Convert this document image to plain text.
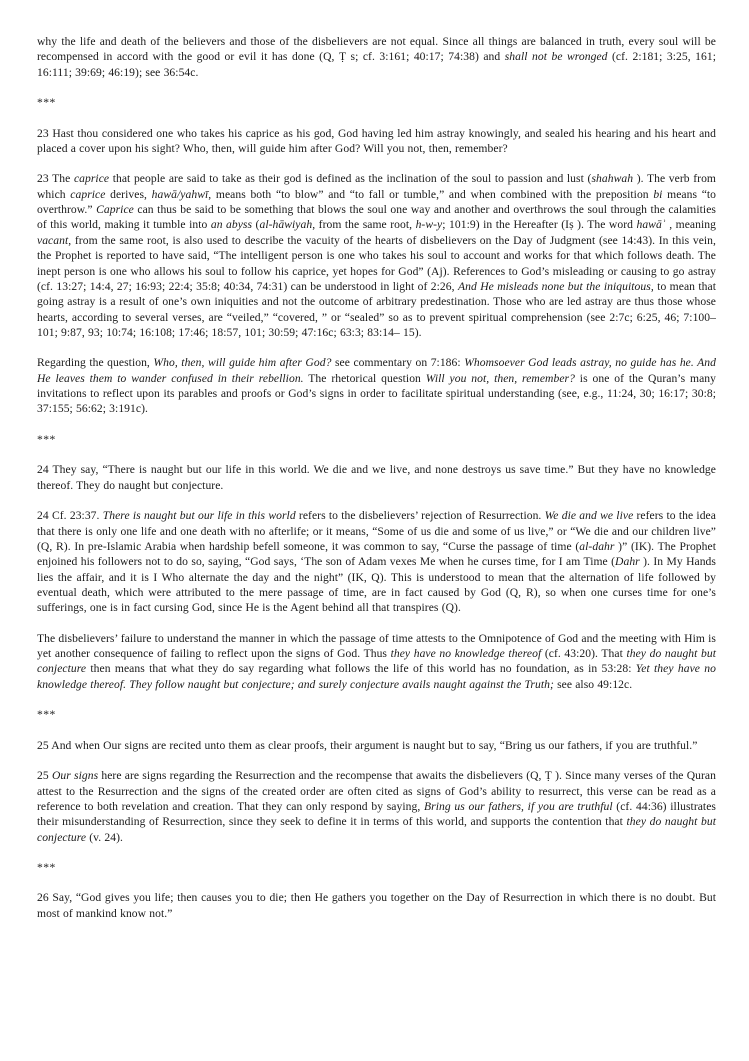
why the life and death of the believers and those of the disbelievers are not equal. Since all things are balanced in truth, every soul will be recompensed in accord with the good or evil it has done (Q, Ṭ s; cf. 3:161; 40:17; 74:38) and shall not be wronged (cf. 2:181; 3:25, 161; 16:111; 39:69; 46:19); see 36:54c.

***

23 Hast thou considered one who takes his caprice as his god, God having led him astray knowingly, and sealed his hearing and his heart and placed a cover upon his sight? Who, then, will guide him after God? Will you not, then, remember?

23 The caprice that people are said to take as their god is defined as the inclination of the soul to passion and lust (shahwah ). The verb from which caprice derives, hawā/yahwī, means both “to blow” and “to fall or tumble,” and when combined with the preposition bi means “to overthrow.” Caprice can thus be said to be something that blows the soul one way and another and overthrows the soul through the calamities of this world, making it tumble into an abyss (al-hāwiyah, from the same root, h-w-y; 101:9) in the Hereafter (Iṣ ). The word hawāʾ , meaning vacant, from the same root, is also used to describe the vacuity of the hearts of disbelievers on the Day of Judgment (see 14:43). In this vein, the Prophet is reported to have said, “The intelligent person is one who takes his soul to account and works for that which follows death. The inept person is one who allows his soul to follow his caprice, yet hopes for God” (Aj). References to God’s misleading or causing to go astray (cf. 13:27; 14:4, 27; 16:93; 22:4; 35:8; 40:34, 74:31) can be understood in light of 2:26, And He misleads none but the iniquitous, to mean that going astray is a result of one’s own iniquities and not the outcome of arbitrary predestination. Those who are led astray are thus those whose hearts, according to several verses, are “veiled,” “covered, ” or “sealed” so as to prevent spiritual comprehension (see 2:7c; 6:25, 46; 7:100– 101; 9:87, 93; 10:74; 16:108; 17:46; 18:57, 101; 30:59; 47:16c; 63:3; 83:14– 15).

Regarding the question, Who, then, will guide him after God? see commentary on 7:186: Whomsoever God leads astray, no guide has he. And He leaves them to wander confused in their rebellion. The rhetorical question Will you not, then, remember? is one of the Quran’s many invitations to reflect upon its parables and proofs or God’s signs in order to facilitate spiritual understanding (see, e.g., 11:24, 30; 16:17; 30:8; 37:155; 56:62; 3:191c).

***

24 They say, “There is naught but our life in this world. We die and we live, and none destroys us save time.” But they have no knowledge thereof. They do naught but conjecture.

24 Cf. 23:37. There is naught but our life in this world refers to the disbelievers’ rejection of Resurrection. We die and we live refers to the idea that there is only one life and one death with no afterlife; or it means, “Some of us die and some of us live,” or “We die and our children live” (Q, R). In pre-Islamic Arabia when hardship befell someone, it was common to say, “Curse the passage of time (al-dahr )” (IK). The Prophet enjoined his followers not to do so, saying, “God says, ‘The son of Adam vexes Me when he curses time, for I am Time (Dahr ). In My Hands lies the affair, and it is I Who alternate the day and the night” (IK, Q). This is understood to mean that the alternation of life followed by eventual death, which were attributed to the mere passage of time, are in fact caused by God (Q, R), so when one curses time for one’s sufferings, one is in fact cursing God, since He is the Agent behind all that transpires (Q).

The disbelievers’ failure to understand the manner in which the passage of time attests to the Omnipotence of God and the meeting with Him is yet another consequence of failing to reflect upon the signs of God. Thus they have no knowledge thereof (cf. 43:20). That they do naught but conjecture then means that what they do say regarding what follows the life of this world has no foundation, as in 53:28: Yet they have no knowledge thereof. They follow naught but conjecture; and surely conjecture avails naught against the Truth; see also 49:12c.

***

25 And when Our signs are recited unto them as clear proofs, their argument is naught but to say, “Bring us our fathers, if you are truthful.”

25 Our signs here are signs regarding the Resurrection and the recompense that awaits the disbelievers (Q, Ṭ ). Since many verses of the Quran attest to the Resurrection and the signs of the created order are often cited as signs of God’s ability to resurrect, this verse can be read as a reference to both revelation and creation. That they can only respond by saying, Bring us our fathers, if you are truthful (cf. 44:36) illustrates their misunderstanding of Resurrection, since they seek to define it in terms of this world, and supports the contention that they do naught but conjecture (v. 24).

***

26 Say, “God gives you life; then causes you to die; then He gathers you together on the Day of Resurrection in which there is no doubt. But most of mankind know not.”
